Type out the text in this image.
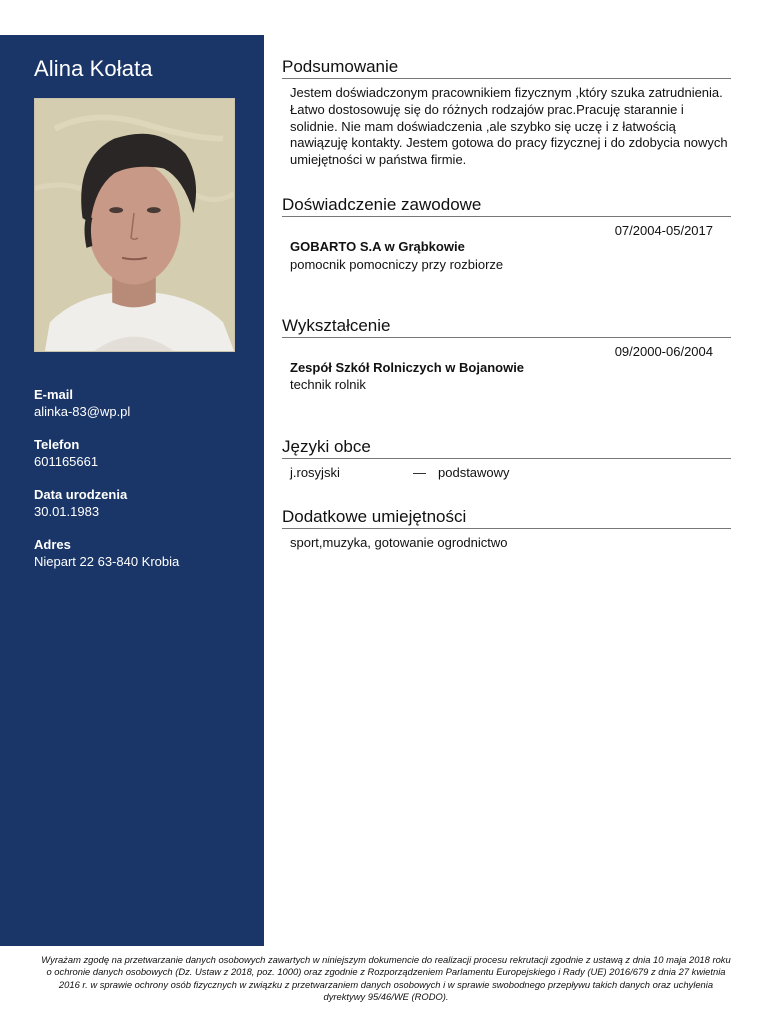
Alina Kołata
E-mail
alinka-83@wp.pl
Telefon
601165661
Data urodzenia
30.01.1983
Adres
Niepart 22 63-840 Krobia
Podsumowanie
Jestem doświadczonym pracownikiem fizycznym ,który szuka zatrudnienia. Łatwo dostosowuję się do różnych rodzajów prac.Pracuję starannie i solidnie. Nie mam doświadczenia ,ale szybko się uczę i z łatwością nawiązuję kontakty. Jestem gotowa do pracy fizycznej i do zdobycia nowych umiejętności w państwa firmie.
Doświadczenie zawodowe
07/2004-05/2017
GOBARTO S.A w Grąbkowie
pomocnik pomocniczy przy rozbiorze
Wykształcenie
09/2000-06/2004
Zespół Szkół Rolniczych w Bojanowie
technik rolnik
Języki obce
j.rosyjski	— podstawowy
Dodatkowe umiejętności
sport,muzyka, gotowanie ogrodnictwo
Wyrażam zgodę na przetwarzanie danych osobowych zawartych w niniejszym dokumencie do realizacji procesu rekrutacji zgodnie z ustawą z dnia 10 maja 2018 roku o ochronie danych osobowych (Dz. Ustaw z 2018, poz. 1000) oraz zgodnie z Rozporządzeniem Parlamentu Europejskiego i Rady (UE) 2016/679 z dnia 27 kwietnia 2016 r. w sprawie ochrony osób fizycznych w związku z przetwarzaniem danych osobowych i w sprawie swobodnego przepływu takich danych oraz uchylenia dyrektywy 95/46/WE (RODO).
